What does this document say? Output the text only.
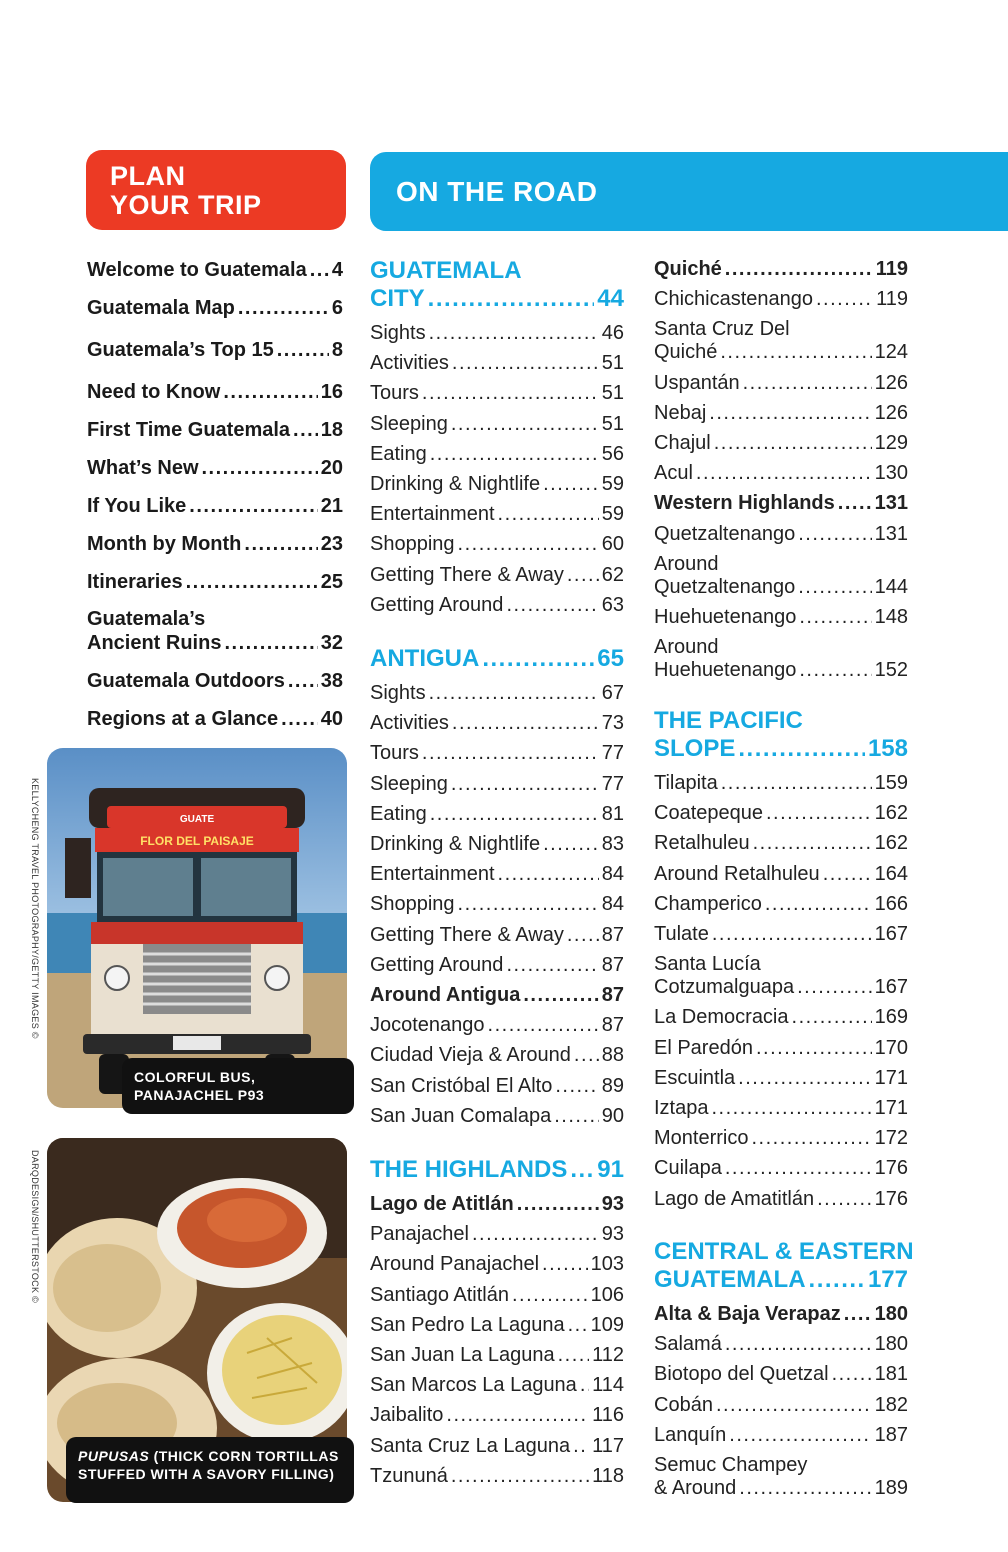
PLAN
YOUR TRIP	ON THE ROAD
Welcome to Guatemala ..... 4
Guatemala Map .....	6
Guatemala’s Top 15 .....	8
Need to Know .....	16
First Time Guatemala ..... 18
What’s New .....	20
If You Like .....	21
Month by Month .....	23
Itineraries .....	25
Guatemala’s
Ancient Ruins .....	32
Guatemala Outdoors ..... 38
Regions at a Glance ..... 40
GUATEMALA
CITY .....	44
Sights .....	46
Activities .....	51
Tours .....	51
Sleeping .....	51
Eating .....	56
Drinking & Nightlife .....	59
Entertainment .....	59
Shopping .....	60
Getting There & Away ..... 62
Getting Around .....	63
ANTIGUA .....	65
Sights .....	67
Activities .....	73
Tours .....	77
Sleeping .....	77
Eating .....	81
Drinking & Nightlife .....	83
Entertainment .....	84
Shopping .....	84
Getting There & Away ..... 87
Getting Around .....	87
Around Antigua .....	87
Jocotenango .....	87
Ciudad Vieja & Around ..... 88
San Cristóbal El Alto ..... 89
San Juan Comalapa .....	90
THE HIGHLANDS ..... 91
Lago de Atitlán .....	93
Panajachel .....	93
Around Panajachel .....	103
Santiago Atitlán .....	106
San Pedro La Laguna ..... 109
San Juan La Laguna ..... 112
San Marcos La Laguna ..... 114
Jaibalito .....	116
Santa Cruz La Laguna ..... 117
Tzununá .....	118
Quiché .....	119
Chichicastenango .....	119
Santa Cruz Del
Quiché .....	124
Uspantán .....	126
Nebaj .....	126
Chajul .....	129
Acul .....	130
Western Highlands ..... 131
Quetzaltenango .....	131
Around
Quetzaltenango .....	144
Huehuetenango .....	148
Around
Huehuetenango .....	152
THE PACIFIC
SLOPE .....	158
Tilapita .....	159
Coatepeque .....	162
Retalhuleu .....	162
Around Retalhuleu .....	164
Champerico .....	166
Tulate .....	167
Santa Lucía
Cotzumalguapa .....	167
La Democracia .....	169
El Paredón .....	170
Escuintla .....	171
Iztapa .....	171
Monterrico .....	172
Cuilapa .....	176
Lago de Amatitlán .....	176
CENTRAL & EASTERN
GUATEMALA .....	177
Alta & Baja Verapaz ..... 180
Salamá .....	180
Biotopo del Quetzal ..... 181
Cobán .....	182
Lanquín .....	187
Semuc Champey
& Around .....	189
GUATE
FLOR DEL PAISAJE
KELLYCHENG TRAVEL PHOTOGRAPHY/GETTY IMAGES ©
COLORFUL BUS,
PANAJACHEL P93
DARQDESIGN/SHUTTERSTOCK ©
PUPUSAS (THICK CORN TORTILLAS
STUFFED WITH A SAVORY FILLING)
